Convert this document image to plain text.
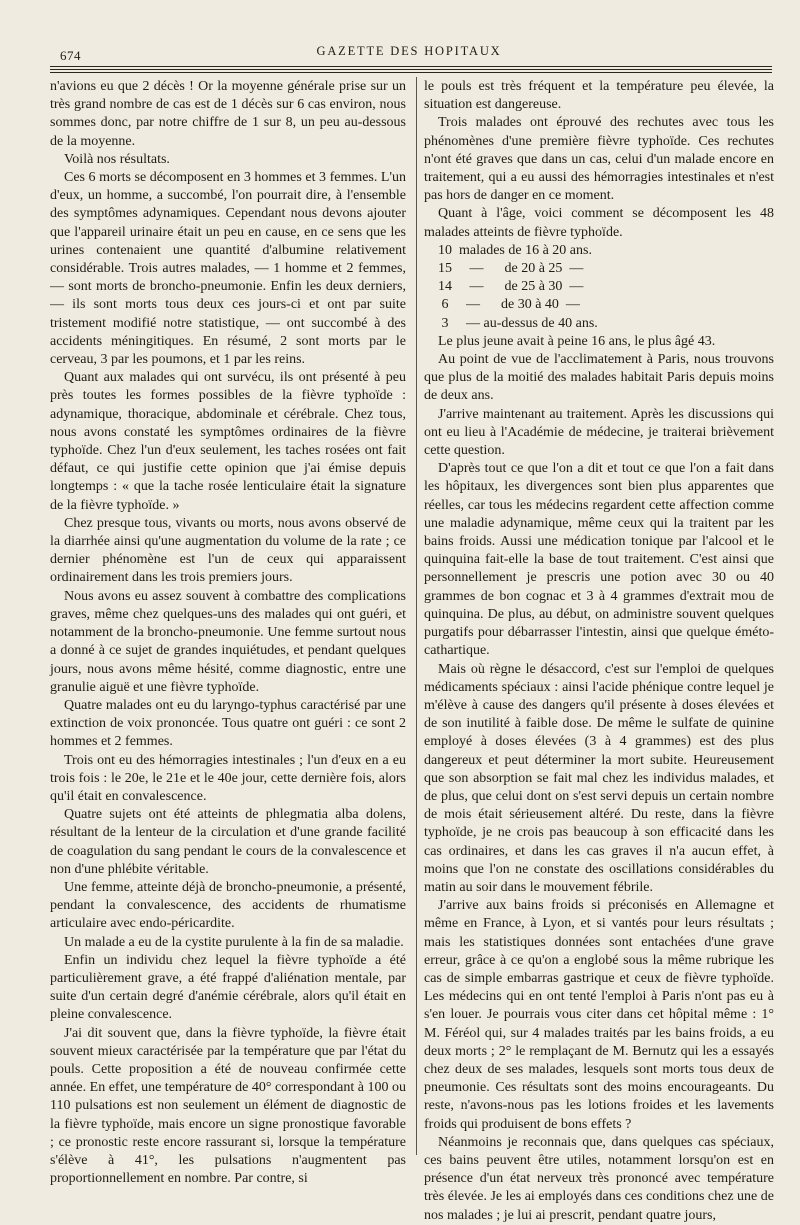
674	GAZETTE DES HOPITAUX

n'avions eu que 2 décès ! Or la moyenne générale prise sur un très grand nombre de cas est de 1 décès sur 6 cas environ, nous sommes donc, par notre chiffre de 1 sur 8, un peu au-dessous de la moyenne.

Voilà nos résultats.

Ces 6 morts se décomposent en 3 hommes et 3 femmes. L'un d'eux, un homme, a succombé, l'on pourrait dire, à l'ensemble des symptômes adynamiques. Cependant nous devons ajouter que l'appareil urinaire était un peu en cause, en ce sens que les urines contenaient une quantité d'albumine relativement considérable. Trois autres malades, — 1 homme et 2 femmes, — sont morts de broncho-pneumonie. Enfin les deux derniers, — ils sont morts tous deux ces jours-ci et ont par suite tristement modifié notre statistique, — ont succombé à des accidents méningitiques. En résumé, 2 sont morts par le cerveau, 3 par les poumons, et 1 par les reins.

Quant aux malades qui ont survécu, ils ont présenté à peu près toutes les formes possibles de la fièvre typhoïde : adynamique, thoracique, abdominale et cérébrale. Chez tous, nous avons constaté les symptômes ordinaires de la fièvre typhoïde. Chez l'un d'eux seulement, les taches rosées ont fait défaut, ce qui justifie cette opinion que j'ai émise depuis longtemps : « que la tache rosée lenticulaire était la signature de la fièvre typhoïde. »

Chez presque tous, vivants ou morts, nous avons observé de la diarrhée ainsi qu'une augmentation du volume de la rate ; ce dernier phénomène est l'un de ceux qui apparaissent ordinairement dans les trois premiers jours.

Nous avons eu assez souvent à combattre des complications graves, même chez quelques-uns des malades qui ont guéri, et notamment de la broncho-pneumonie. Une femme surtout nous a donné à ce sujet de grandes inquiétudes, et pendant quelques jours, nous avons même hésité, comme diagnostic, entre une granulie aiguë et une fièvre typhoïde.

Quatre malades ont eu du laryngo-typhus caractérisé par une extinction de voix prononcée. Tous quatre ont guéri : ce sont 2 hommes et 2 femmes.

Trois ont eu des hémorragies intestinales ; l'un d'eux en a eu trois fois : le 20e, le 21e et le 40e jour, cette dernière fois, alors qu'il était en convalescence.

Quatre sujets ont été atteints de phlegmatia alba dolens, résultant de la lenteur de la circulation et d'une grande facilité de coagulation du sang pendant le cours de la convalescence et non d'une phlébite véritable.

Une femme, atteinte déjà de broncho-pneumonie, a présenté, pendant la convalescence, des accidents de rhumatisme articulaire avec endo-péricardite.

Un malade a eu de la cystite purulente à la fin de sa maladie.

Enfin un individu chez lequel la fièvre typhoïde a été particulièrement grave, a été frappé d'aliénation mentale, par suite d'un certain degré d'anémie cérébrale, alors qu'il était en pleine convalescence.

J'ai dit souvent que, dans la fièvre typhoïde, la fièvre était souvent mieux caractérisée par la température que par l'état du pouls. Cette proposition a été de nouveau confirmée cette année. En effet, une température de 40° correspondant à 100 ou 110 pulsations est non seulement un élément de diagnostic de la fièvre typhoïde, mais encore un signe pronostique favorable ; ce pronostic reste encore rassurant si, lorsque la température s'élève à 41°, les pulsations n'augmentent pas proportionnellement en nombre. Par contre, si

le pouls est très fréquent et la température peu élevée, la situation est dangereuse.

Trois malades ont éprouvé des rechutes avec tous les phénomènes d'une première fièvre typhoïde. Ces rechutes n'ont été graves que dans un cas, celui d'un malade encore en traitement, qui a eu aussi des hémorragies intestinales et n'est pas hors de danger en ce moment.

Quant à l'âge, voici comment se décomposent les 48 malades atteints de fièvre typhoïde.

10  malades de 16 à 20 ans.

15     —      de 20 à 25  —

14     —      de 25 à 30  —

6     —      de 30 à 40  —

3     — au-dessus de 40 ans.

Le plus jeune avait à peine 16 ans, le plus âgé 43.

Au point de vue de l'acclimatement à Paris, nous trouvons que plus de la moitié des malades habitait Paris depuis moins de deux ans.

J'arrive maintenant au traitement. Après les discussions qui ont eu lieu à l'Académie de médecine, je traiterai brièvement cette question.

D'après tout ce que l'on a dit et tout ce que l'on a fait dans les hôpitaux, les divergences sont bien plus apparentes que réelles, car tous les médecins regardent cette affection comme une maladie adynamique, même ceux qui la traitent par les bains froids. Aussi une médication tonique par l'alcool et le quinquina fait-elle la base de tout traitement. C'est ainsi que personnellement je prescris une potion avec 30 ou 40 grammes de bon cognac et 3 à 4 grammes d'extrait mou de quinquina. De plus, au début, on administre souvent quelques purgatifs pour débarrasser l'intestin, ainsi que quelque éméto-cathartique.

Mais où règne le désaccord, c'est sur l'emploi de quelques médicaments spéciaux : ainsi l'acide phénique contre lequel je m'élève à cause des dangers qu'il présente à doses élevées et de son inutilité à faible dose. De même le sulfate de quinine employé à doses élevées (3 à 4 grammes) est des plus dangereux et peut déterminer la mort subite. Heureusement que son absorption se fait mal chez les individus malades, et de plus, que celui dont on s'est servi depuis un certain nombre de mois était sérieusement altéré. Du reste, dans la fièvre typhoïde, je ne crois pas beaucoup à son efficacité dans les cas ordinaires, et dans les cas graves il n'a aucun effet, à moins que l'on ne constate des oscillations considérables du matin au soir dans le mouvement fébrile.

J'arrive aux bains froids si préconisés en Allemagne et même en France, à Lyon, et si vantés pour leurs résultats ; mais les statistiques données sont entachées d'une grave erreur, grâce à ce qu'on a englobé sous la même rubrique les cas de simple embarras gastrique et ceux de fièvre typhoïde. Les médecins qui en ont tenté l'emploi à Paris n'ont pas eu à s'en louer. Je pourrais vous citer dans cet hôpital même : 1° M. Féréol qui, sur 4 malades traités par les bains froids, a eu deux morts ; 2° le remplaçant de M. Bernutz qui les a essayés chez deux de ses malades, lesquels sont morts tous deux de pneumonie. Ces résultats sont des moins encourageants. Du reste, n'avons-nous pas les lotions froides et les lavements froids qui produisent de bons effets ?

Néanmoins je reconnais que, dans quelques cas spéciaux, ces bains peuvent être utiles, notamment lorsqu'on est en présence d'un état nerveux très prononcé avec température très élevée. Je les ai employés dans ces conditions chez une de nos malades ; je lui ai prescrit, pendant quatre jours,
